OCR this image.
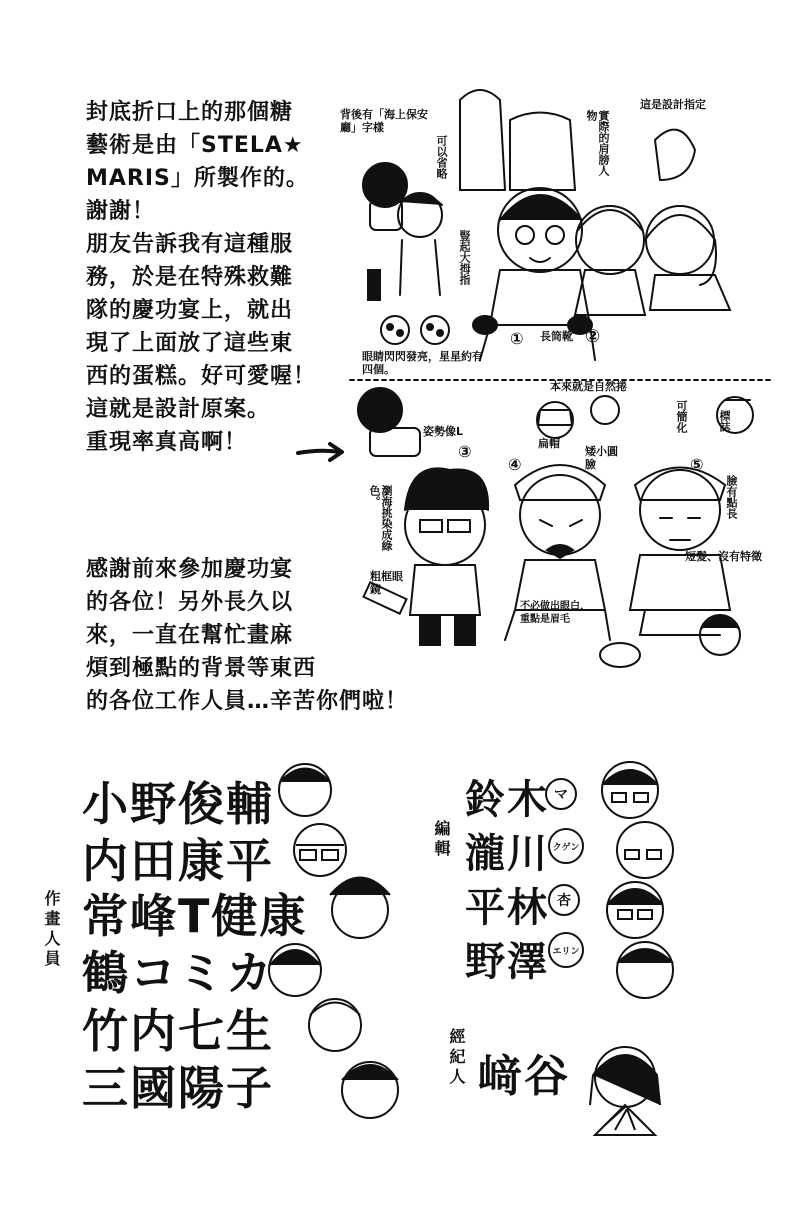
封底折口上的那個糖
藝術是由「STELA★
MARIS」所製作的。
謝謝！
朋友告訴我有這種服
務，於是在特殊救難
隊的慶功宴上，就出
現了上面放了這些東
西的蛋糕。好可愛喔！
這就是設計原案。
重現率真高啊！
感謝前來參加慶功宴
的各位！另外長久以
來，一直在幫忙畫麻
煩到極點的背景等東西
的各位工作人員…辛苦你們啦！
背後有「海上保安廳」字樣
可以省略
這是設計指定
實際的肩膀人物
豎起大拇指
眼睛閃閃發亮，星星約有四個。
長筒靴
①	②
本來就是自然捲
姿勢像L
扁帽
矮小圓臉
可簡化	標誌
臉有點長
瀏海挑染成綠色。
粗框眼鏡
短髮、沒有特徵
不必做出眼白，重點是眉毛
③
④	⑤
作畫人員
小野俊輔
内田康平
常峰T健康
鶴コミカ
竹内七生
三國陽子
編輯
鈴木
瀧川
平林
野澤
マ
クゲン
杏
エリン
經紀人 﨑谷
